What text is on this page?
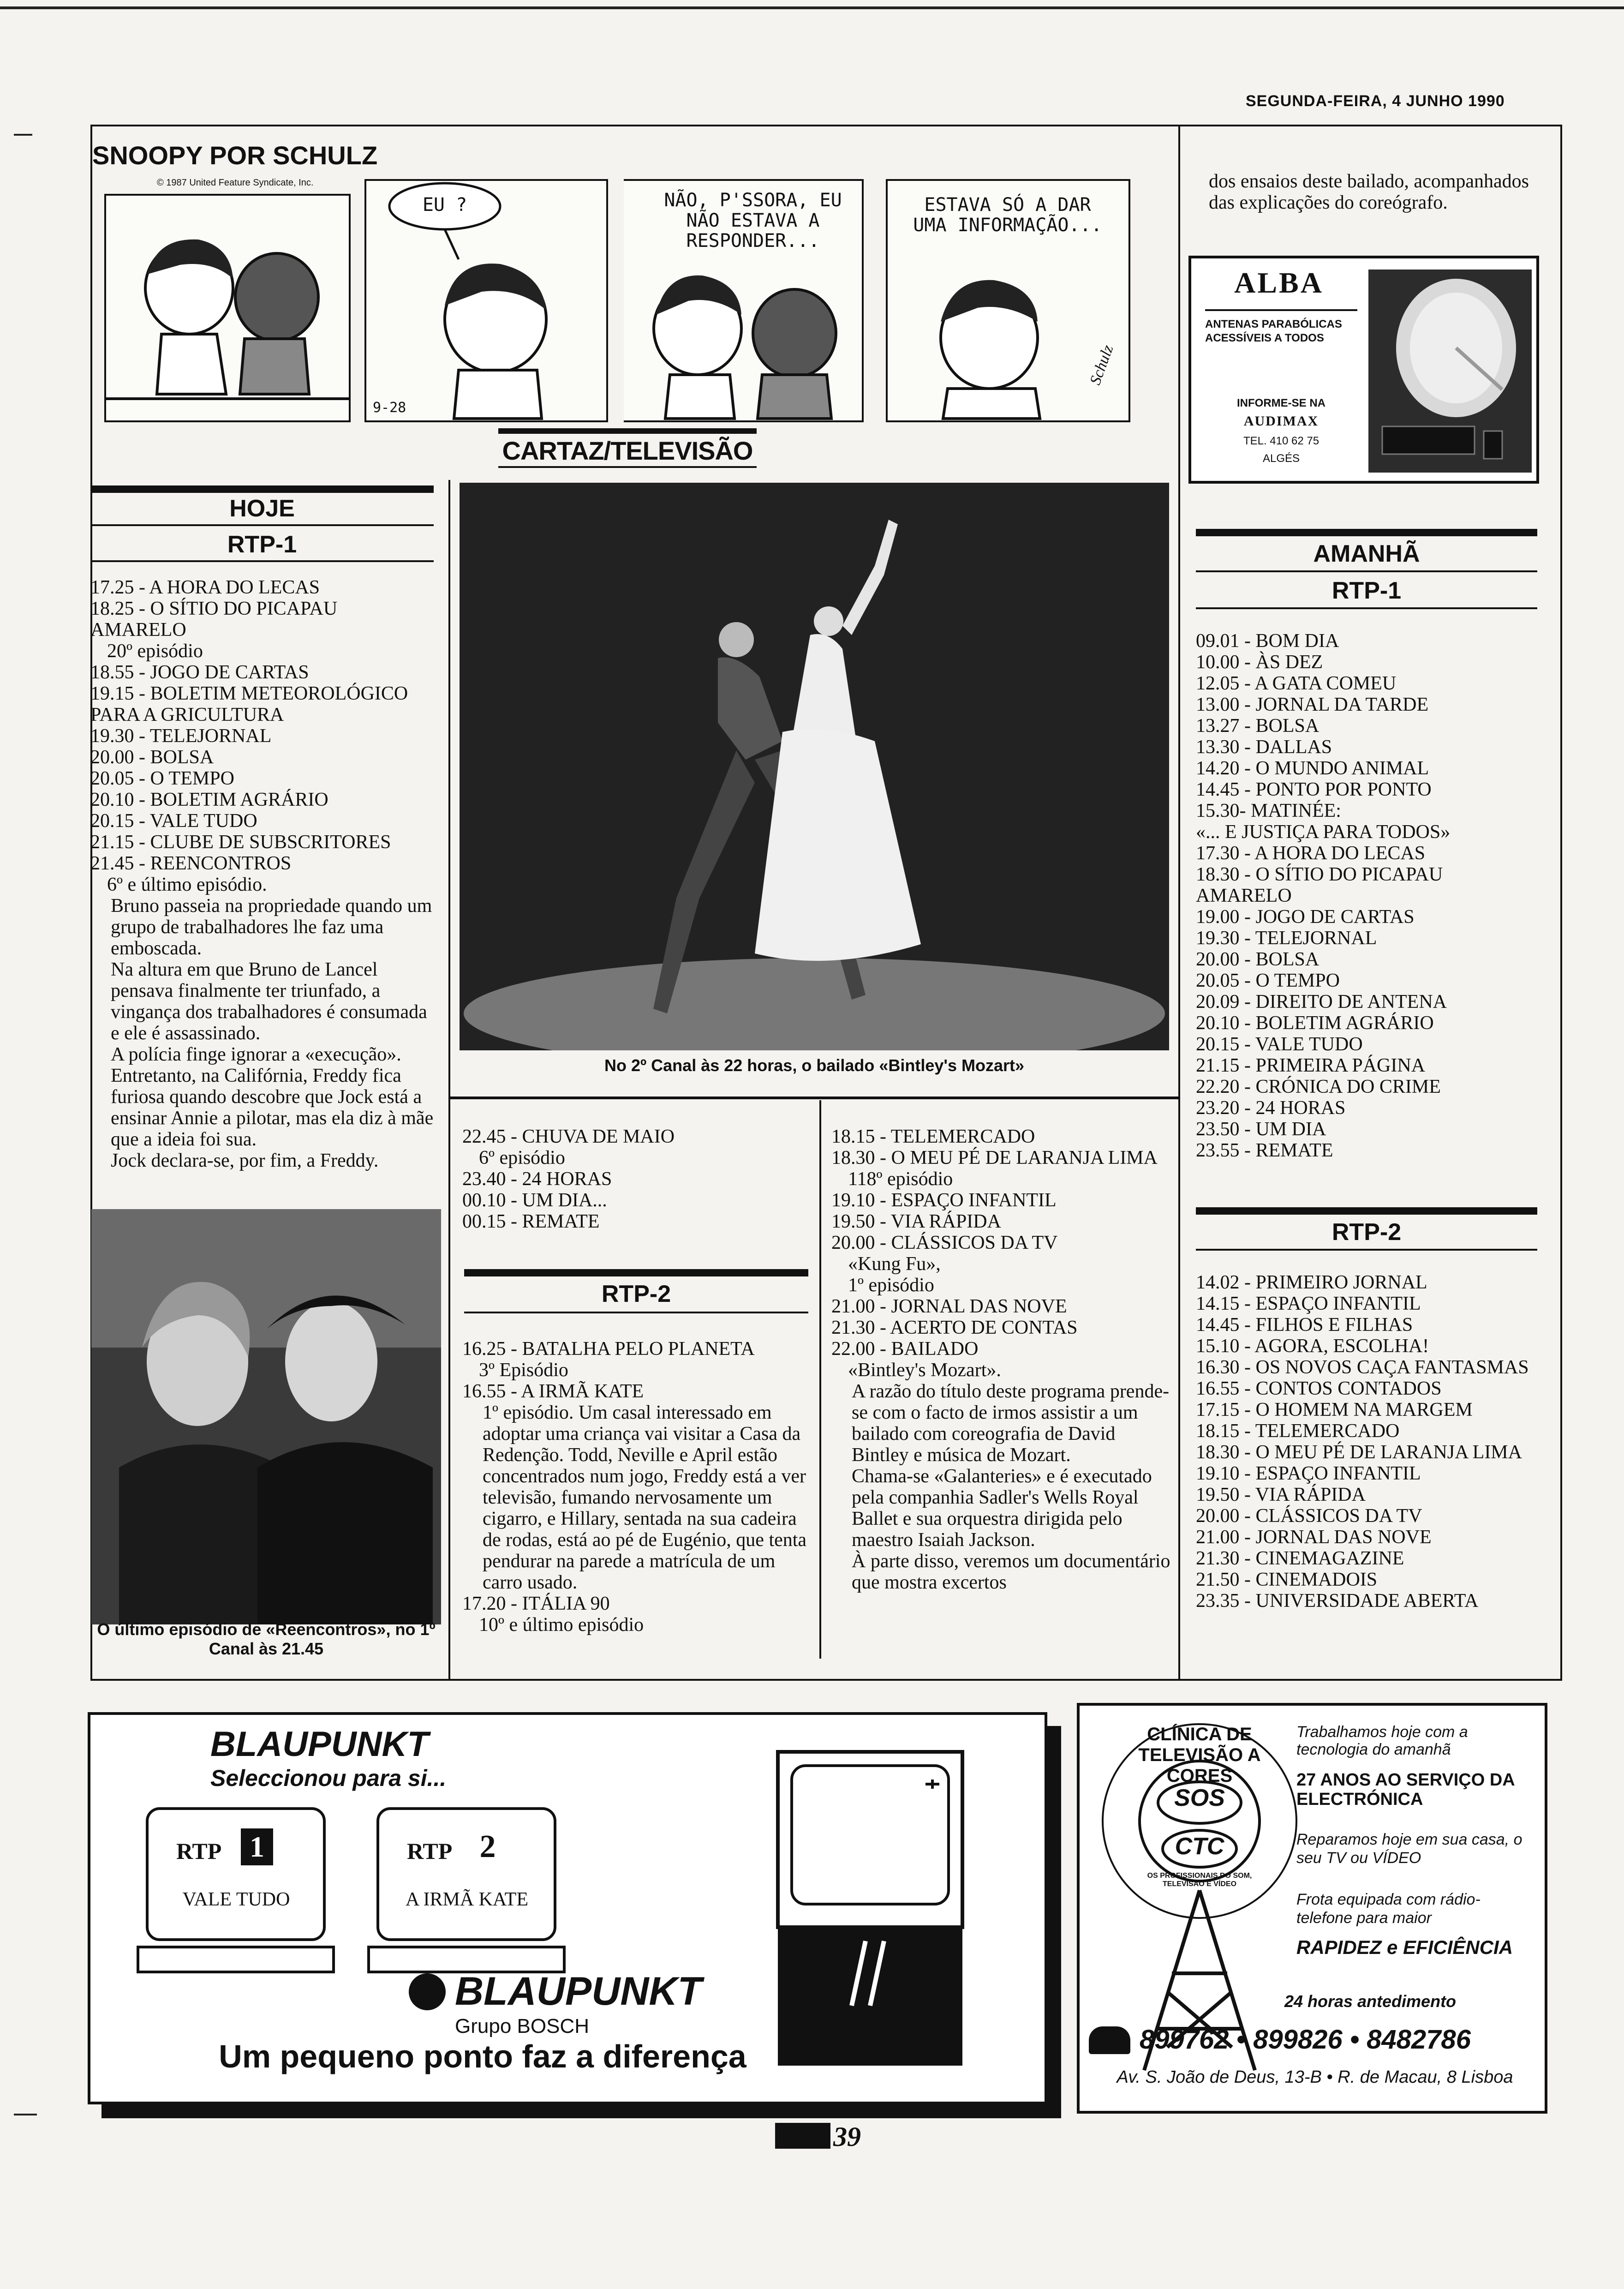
SEGUNDA-FEIRA, 4 JUNHO 1990
SNOOPY POR SCHULZ
© 1987 United Feature Syndicate, Inc.
EU ?
9-28
NÃO, P'SSORA, EU NÃO ESTAVA A RESPONDER...
ESTAVA SÓ A DAR UMA INFORMAÇÃO...
Schulz
CARTAZ/TELEVISÃO
HOJE
RTP-1

17.25 - A HORA DO LECAS

18.25 - O SÍTIO DO PICAPAU AMARELO

20º episódio

18.55 - JOGO DE CARTAS

19.15 - BOLETIM METEOROLÓGICO PARA A GRICULTURA

19.30 - TELEJORNAL

20.00 - BOLSA

20.05 - O TEMPO

20.10 - BOLETIM AGRÁRIO

20.15 - VALE TUDO

21.15 - CLUBE DE SUBSCRITORES

21.45 - REENCONTROS

6º e último episódio.

Bruno passeia na propriedade quando um grupo de trabalhadores lhe faz uma emboscada.

Na altura em que Bruno de Lancel pensava finalmente ter triunfado, a vingança dos trabalhadores é consumada e ele é assassinado.

A polícia finge ignorar a «execução».

Entretanto, na Califórnia, Freddy fica furiosa quando descobre que Jock está a ensinar Annie a pilotar, mas ela diz à mãe que a ideia foi sua.

Jock declara-se, por fim, a Freddy.

O último episódio de «Reencontros», no 1º Canal às 21.45
No 2º Canal às 22 horas, o bailado «Bintley's Mozart»

22.45 - CHUVA DE MAIO

6º episódio

23.40 - 24 HORAS

00.10 - UM DIA...

00.15 - REMATE

RTP-2

16.25 - BATALHA PELO PLANETA

3º Episódio

16.55 - A IRMÃ KATE

1º episódio. Um casal interessado em adoptar uma criança vai visitar a Casa da Redenção. Todd, Neville e April estão concentrados num jogo, Freddy está a ver televisão, fumando nervosamente um cigarro, e Hillary, sentada na sua cadeira de rodas, está ao pé de Eugénio, que tenta pendurar na parede a matrícula de um carro usado.

17.20 - ITÁLIA 90

10º e último episódio

18.15 - TELEMERCADO

18.30 - O MEU PÉ DE LARANJA LIMA

118º episódio

19.10 - ESPAÇO INFANTIL

19.50 - VIA RÁPIDA

20.00 - CLÁSSICOS DA TV

«Kung Fu»,

1º episódio

21.00 - JORNAL DAS NOVE

21.30 - ACERTO DE CONTAS

22.00 - BAILADO

«Bintley's Mozart».

A razão do título deste programa prende-se com o facto de irmos assistir a um bailado com coreografia de David Bintley e música de Mozart.

Chama-se «Galanteries» e é executado pela companhia Sadler's Wells Royal Ballet e sua orquestra dirigida pelo maestro Isaiah Jackson.

À parte disso, veremos um documentário que mostra excertos

dos ensaios deste bailado, acompanhados das explicações do coreógrafo.
ALBA
ANTENAS PARABÓLICAS ACESSÍVEIS A TODOS
INFORME-SE NA
AUDIMAX
TEL. 410 62 75
ALGÉS
AMANHÃ
RTP-1

09.01 - BOM DIA

10.00 - ÀS DEZ

12.05 - A GATA COMEU

13.00 - JORNAL DA TARDE

13.27 - BOLSA

13.30 - DALLAS

14.20 - O MUNDO ANIMAL

14.45 - PONTO POR PONTO

15.30- MATINÉE:

«... E JUSTIÇA PARA TODOS»

17.30 - A HORA DO LECAS

18.30 - O SÍTIO DO PICAPAU AMARELO

19.00 - JOGO DE CARTAS

19.30 - TELEJORNAL

20.00 - BOLSA

20.05 - O TEMPO

20.09 - DIREITO DE ANTENA

20.10 - BOLETIM AGRÁRIO

20.15 - VALE TUDO

21.15 - PRIMEIRA PÁGINA

22.20 - CRÓNICA DO CRIME

23.20 - 24 HORAS

23.50 - UM DIA

23.55 - REMATE

RTP-2

14.02 - PRIMEIRO JORNAL

14.15 - ESPAÇO INFANTIL

14.45 - FILHOS E FILHAS

15.10 - AGORA, ESCOLHA!

16.30 - OS NOVOS CAÇA FANTASMAS

16.55 - CONTOS CONTADOS

17.15 - O HOMEM NA MARGEM

18.15 - TELEMERCADO

18.30 - O MEU PÉ DE LARANJA LIMA

19.10 - ESPAÇO INFANTIL

19.50 - VIA RÁPIDA

20.00 - CLÁSSICOS DA TV

21.00 - JORNAL DAS NOVE

21.30 - CINEMAGAZINE

21.50 - CINEMADOIS

23.35 - UNIVERSIDADE ABERTA

BLAUPUNKT
Seleccionou para si...
RTP 1
VALE TUDO
RTP 2
A IRMÃ KATE
BLAUPUNKT
Grupo BOSCH
Um pequeno ponto faz a diferença
CLÍNICA DE TELEVISÃO A CORES
SOS
CTC
OS PROFISSIONAIS DO SOM, TELEVISÃO E VÍDEO
Trabalhamos hoje com a tecnologia do amanhã
27 ANOS AO SERVIÇO DA ELECTRÓNICA
Reparamos hoje em sua casa, o seu TV ou VÍDEO
Frota equipada com rádio-telefone para maior
RAPIDEZ e EFICIÊNCIA
24 horas antedimento
899762 • 899826 • 8482786
Av. S. João de Deus, 13-B • R. de Macau, 8 Lisboa
39
